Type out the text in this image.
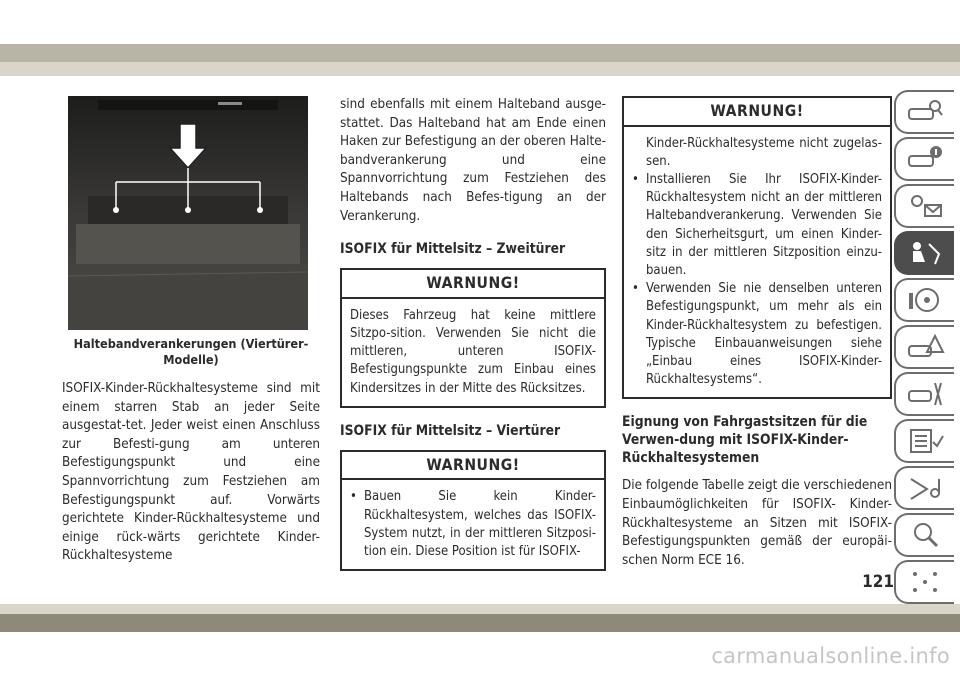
Haltebandverankerungen (Viertürer-Modelle)

ISOFIX-Kinder-Rückhaltesysteme sind mit einem starren Stab an jeder Seite ausgestat-tet. Jeder weist einen Anschluss zur Befesti-gung am unteren Befestigungspunkt und eine Spannvorrichtung zum Festziehen am Befestigungspunkt auf. Vorwärts gerichtete Kinder-Rückhaltesysteme und einige rück-wärts gerichtete Kinder-Rückhaltesysteme

sind ebenfalls mit einem Halteband ausge-stattet. Das Halteband hat am Ende einen Haken zur Befestigung an der oberen Halte-bandverankerung und eine Spannvorrichtung zum Festziehen des Haltebands nach Befes-tigung an der Verankerung.

ISOFIX für Mittelsitz – Zweitürer
WARNUNG!

Dieses Fahrzeug hat keine mittlere Sitzpo-sition. Verwenden Sie nicht die mittleren, unteren ISOFIX-Befestigungspunkte zum Einbau eines Kindersitzes in der Mitte des Rücksitzes.

ISOFIX für Mittelsitz – Viertürer
WARNUNG!
• Bauen Sie kein Kinder-Rückhaltesystem, welches das ISOFIX-System nutzt, in der mittleren Sitzposi-tion ein. Diese Position ist für ISOFIX-
WARNUNG!
Kinder-Rückhaltesysteme nicht zugelas-sen.
• Installieren Sie Ihr ISOFIX-Kinder-Rückhaltesystem nicht an der mittleren Haltebandverankerung. Verwenden Sie den Sicherheitsgurt, um einen Kinder-sitz in der mittleren Sitzposition einzu-bauen.
• Verwenden Sie nie denselben unteren Befestigungspunkt, um mehr als ein Kinder-Rückhaltesystem zu befestigen. Typische Einbauanweisungen siehe „Einbau eines ISOFIX-Kinder-Rückhaltesystems“.
Eignung von Fahrgastsitzen für die Verwen-dung mit ISOFIX-Kinder-Rückhaltesystemen

Die folgende Tabelle zeigt die verschiedenen Einbaumöglichkeiten für ISOFIX- Kinder-Rückhaltesysteme an Sitzen mit ISOFIX-Befestigungspunkten gemäß der europäi-schen Norm ECE 16.

121
carmanualsonline.info
